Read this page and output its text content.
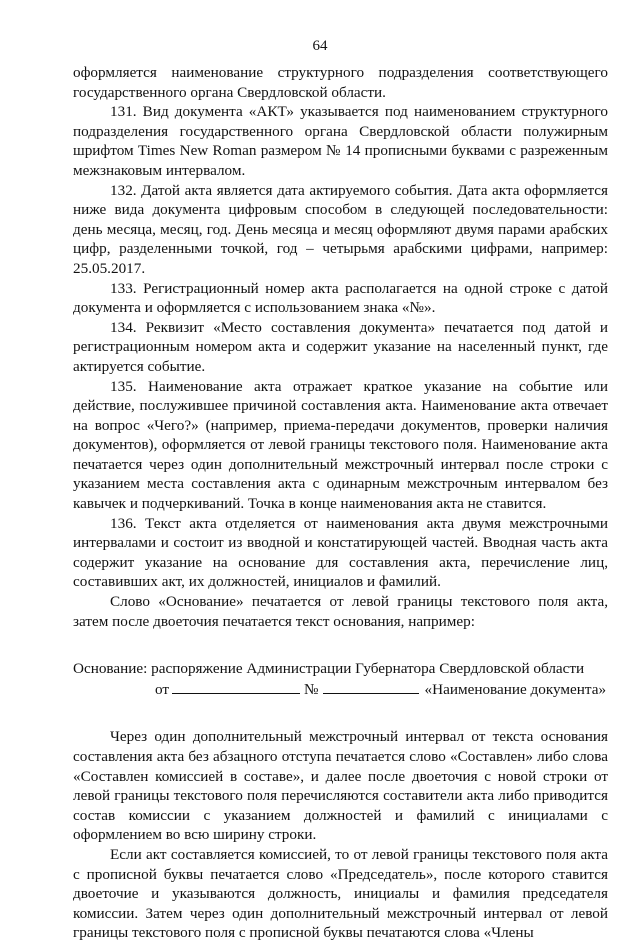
64

оформляется наименование структурного подразделения соответствующего государственного органа Свердловской области.

131. Вид документа «АКТ» указывается под наименованием структурного подразделения государственного органа Свердловской области полужирным шрифтом Times New Roman размером № 14 прописными буквами с разреженным межзнаковым интервалом.

132. Датой акта является дата актируемого события. Дата акта оформляется ниже вида документа цифровым способом в следующей последовательности: день месяца, месяц, год. День месяца и месяц оформляют двумя парами арабских цифр, разделенными точкой, год – четырьмя арабскими цифрами, например: 25.05.2017.

133. Регистрационный номер акта располагается на одной строке с датой документа и оформляется с использованием знака «№».

134. Реквизит «Место составления документа» печатается под датой и регистрационным номером акта и содержит указание на населенный пункт, где актируется событие.

135. Наименование акта отражает краткое указание на событие или действие, послужившее причиной составления акта. Наименование акта отвечает на вопрос «Чего?» (например, приема-передачи документов, проверки наличия документов), оформляется от левой границы текстового поля. Наименование акта печатается через один дополнительный межстрочный интервал после строки с указанием места составления акта с одинарным межстрочным интервалом без кавычек и подчеркиваний. Точка в конце наименования акта не ставится.

136. Текст акта отделяется от наименования акта двумя межстрочными интервалами и состоит из вводной и констатирующей частей. Вводная часть акта содержит указание на основание для составления акта, перечисление лиц, составивших акт, их должностей, инициалов и фамилий.

Слово «Основание» печатается от левой границы текстового поля акта, затем после двоеточия печатается текст основания, например:

Основание: распоряжение Администрации Губернатора Свердловской области
от	№	«Наименование документа»

Через один дополнительный межстрочный интервал от текста основания составления акта без абзацного отступа печатается слово «Составлен» либо слова «Составлен комиссией в составе», и далее после двоеточия с новой строки от левой границы текстового поля перечисляются составители акта либо приводится состав комиссии с указанием должностей и фамилий с инициалами с оформлением во всю ширину строки.

Если акт составляется комиссией, то от левой границы текстового поля акта с прописной буквы печатается слово «Председатель», после которого ставится двоеточие и указываются должность, инициалы и фамилия председателя комиссии. Затем через один дополнительный межстрочный интервал от левой границы текстового поля с прописной буквы печатаются слова «Члены
